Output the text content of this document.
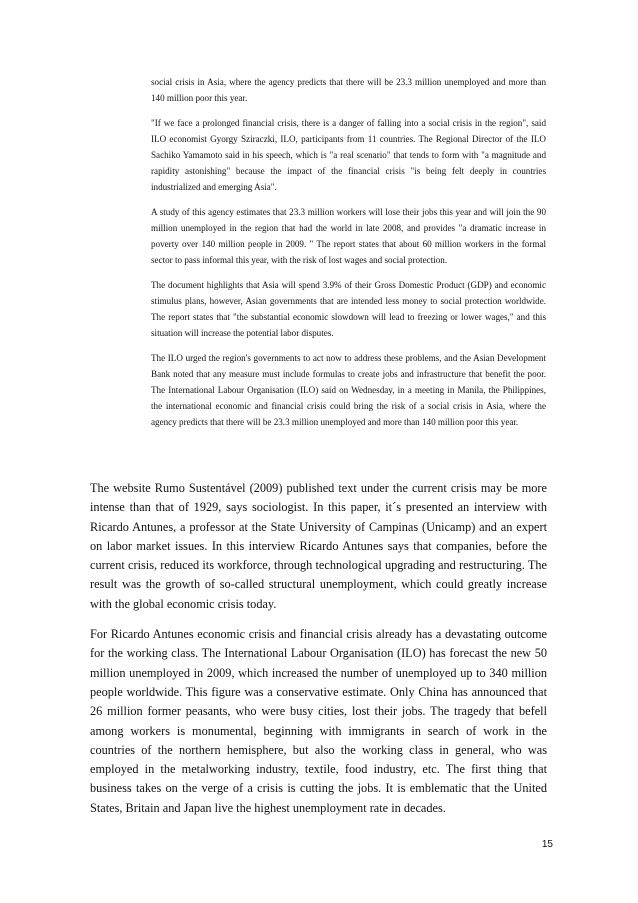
social crisis in Asia, where the agency predicts that there will be 23.3 million unemployed and more than 140 million poor this year.

"If we face a prolonged financial crisis, there is a danger of falling into a social crisis in the region", said ILO economist Gyorgy Sziraczki, ILO, participants from 11 countries. The Regional Director of the ILO Sachiko Yamamoto said in his speech, which is "a real scenario" that tends to form with "a magnitude and rapidity astonishing" because the impact of the financial crisis "is being felt deeply in countries industrialized and emerging Asia".

A study of this agency estimates that 23.3 million workers will lose their jobs this year and will join the 90 million unemployed in the region that had the world in late 2008, and provides "a dramatic increase in poverty over 140 million people in 2009. " The report states that about 60 million workers in the formal sector to pass informal this year, with the risk of lost wages and social protection.

The document highlights that Asia will spend 3.9% of their Gross Domestic Product (GDP) and economic stimulus plans, however, Asian governments that are intended less money to social protection worldwide. The report states that "the substantial economic slowdown will lead to freezing or lower wages," and this situation will increase the potential labor disputes.

The ILO urged the region's governments to act now to address these problems, and the Asian Development Bank noted that any measure must include formulas to create jobs and infrastructure that benefit the poor. The International Labour Organisation (ILO) said on Wednesday, in a meeting in Manila, the Philippines, the international economic and financial crisis could bring the risk of a social crisis in Asia, where the agency predicts that there will be 23.3 million unemployed and more than 140 million poor this year.

The website Rumo Sustentável (2009) published text under the current crisis may be more intense than that of 1929, says sociologist. In this paper, it´s presented an interview with Ricardo Antunes, a professor at the State University of Campinas (Unicamp) and an expert on labor market issues. In this interview Ricardo Antunes says that companies, before the current crisis, reduced its workforce, through technological upgrading and restructuring. The result was the growth of so-called structural unemployment, which could greatly increase with the global economic crisis today.

For Ricardo Antunes economic crisis and financial crisis already has a devastating outcome for the working class. The International Labour Organisation (ILO) has forecast the new 50 million unemployed in 2009, which increased the number of unemployed up to 340 million people worldwide. This figure was a conservative estimate. Only China has announced that 26 million former peasants, who were busy cities, lost their jobs. The tragedy that befell among workers is monumental, beginning with immigrants in search of work in the countries of the northern hemisphere, but also the working class in general, who was employed in the metalworking industry, textile, food industry, etc. The first thing that business takes on the verge of a crisis is cutting the jobs. It is emblematic that the United States, Britain and Japan live the highest unemployment rate in decades.

15
